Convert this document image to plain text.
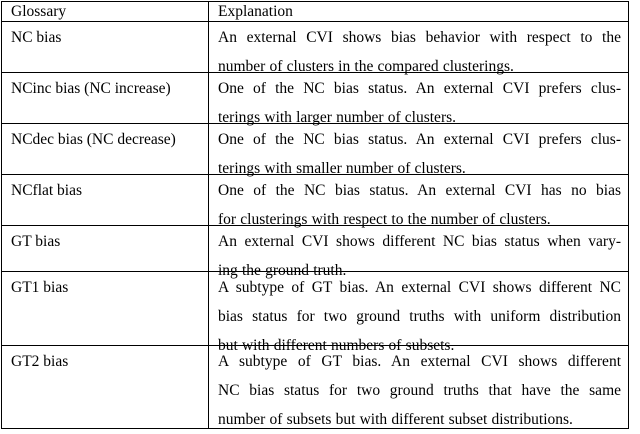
Glossary	Explanation

NC bias	An external CVI shows bias behavior with respect to the
number of clusters in the compared clusterings.

NCinc bias (NC increase)	One of the NC bias status. An external CVI prefers clus-
terings with larger number of clusters.

NCdec bias (NC decrease)	One of the NC bias status. An external CVI prefers clus-
terings with smaller number of clusters.

NCflat bias	One of the NC bias status. An external CVI has no bias
for clusterings with respect to the number of clusters.

GT bias	An external CVI shows different NC bias status when vary-
ing the ground truth.

GT1 bias	A subtype of GT bias. An external CVI shows different NC
bias status for two ground truths with uniform distribution
but with different numbers of subsets.

GT2 bias	A subtype of GT bias. An external CVI shows different
NC bias status for two ground truths that have the same
number of subsets but with different subset distributions.
